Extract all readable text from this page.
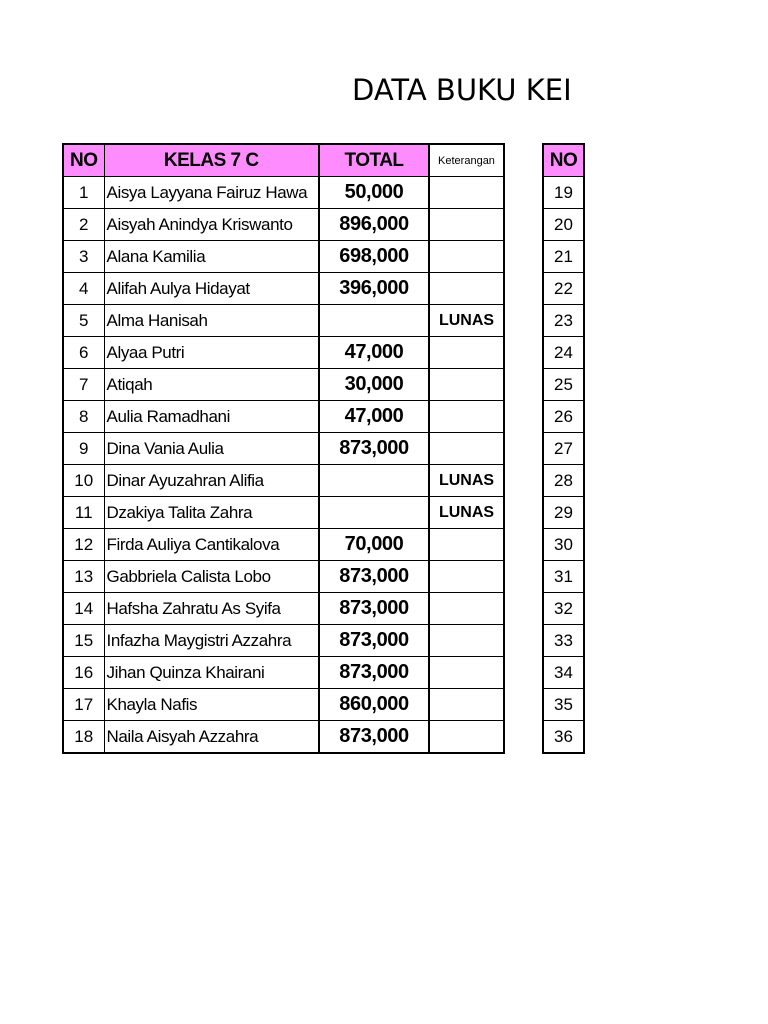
DATA BUKU KEI
NO	KELAS 7 C	TOTAL	Keterangan
1	Aisya Layyana Fairuz Hawa	50,000	
2	Aisyah Anindya Kriswanto	896,000	
3	Alana Kamilia	698,000	
4	Alifah Aulya Hidayat	396,000	
5	Alma Hanisah		LUNAS
6	Alyaa Putri	47,000	
7	Atiqah	30,000	
8	Aulia Ramadhani	47,000	
9	Dina Vania Aulia	873,000	
10	Dinar Ayuzahran Alifia		LUNAS
11	Dzakiya Talita Zahra		LUNAS
12	Firda Auliya Cantikalova	70,000	
13	Gabbriela Calista Lobo	873,000	
14	Hafsha Zahratu As Syifa	873,000	
15	Infazha Maygistri Azzahra	873,000	
16	Jihan Quinza Khairani	873,000	
17	Khayla Nafis	860,000	
18	Naila Aisyah Azzahra	873,000	
NO
19
20
21
22
23
24
25
26
27
28
29
30
31
32
33
34
35
36
